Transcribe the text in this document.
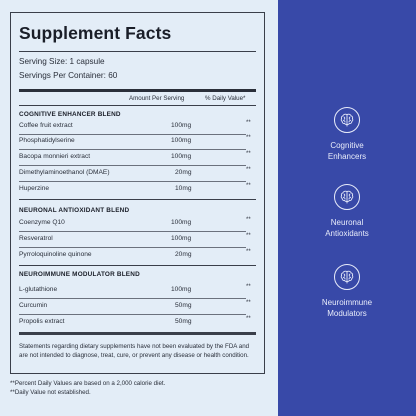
Supplement Facts
Serving Size: 1 capsule
Servings Per Container: 60
Amount Per Serving	% Daily Value*
COGNITIVE ENHANCER BLEND
Coffee fruit extract	100mg	**
Phosphatidylserine	100mg	**
Bacopa monnieri extract	100mg	**
Dimethylaminoethanol (DMAE)	20mg	**
Huperzine	10mg	**
NEURONAL ANTIOXIDANT BLEND
Coenzyme Q10	100mg	**
Resveratrol	100mg	**
Pyrroloquinoline quinone	20mg	**
NEUROIMMUNE MODULATOR BLEND
L-glutathione	100mg	**
Curcumin	50mg	**
Propolis extract	50mg	**
Statements regarding dietary supplements have not been evaluated by the FDA and are not intended to diagnose, treat, cure, or prevent any disease or health condition.
**Percent Daily Values are based on a 2,000 calorie diet.
**Daily Value not established.
Cognitive
Enhancers
Neuronal
Antioxidants
Neuroimmune
Modulators
